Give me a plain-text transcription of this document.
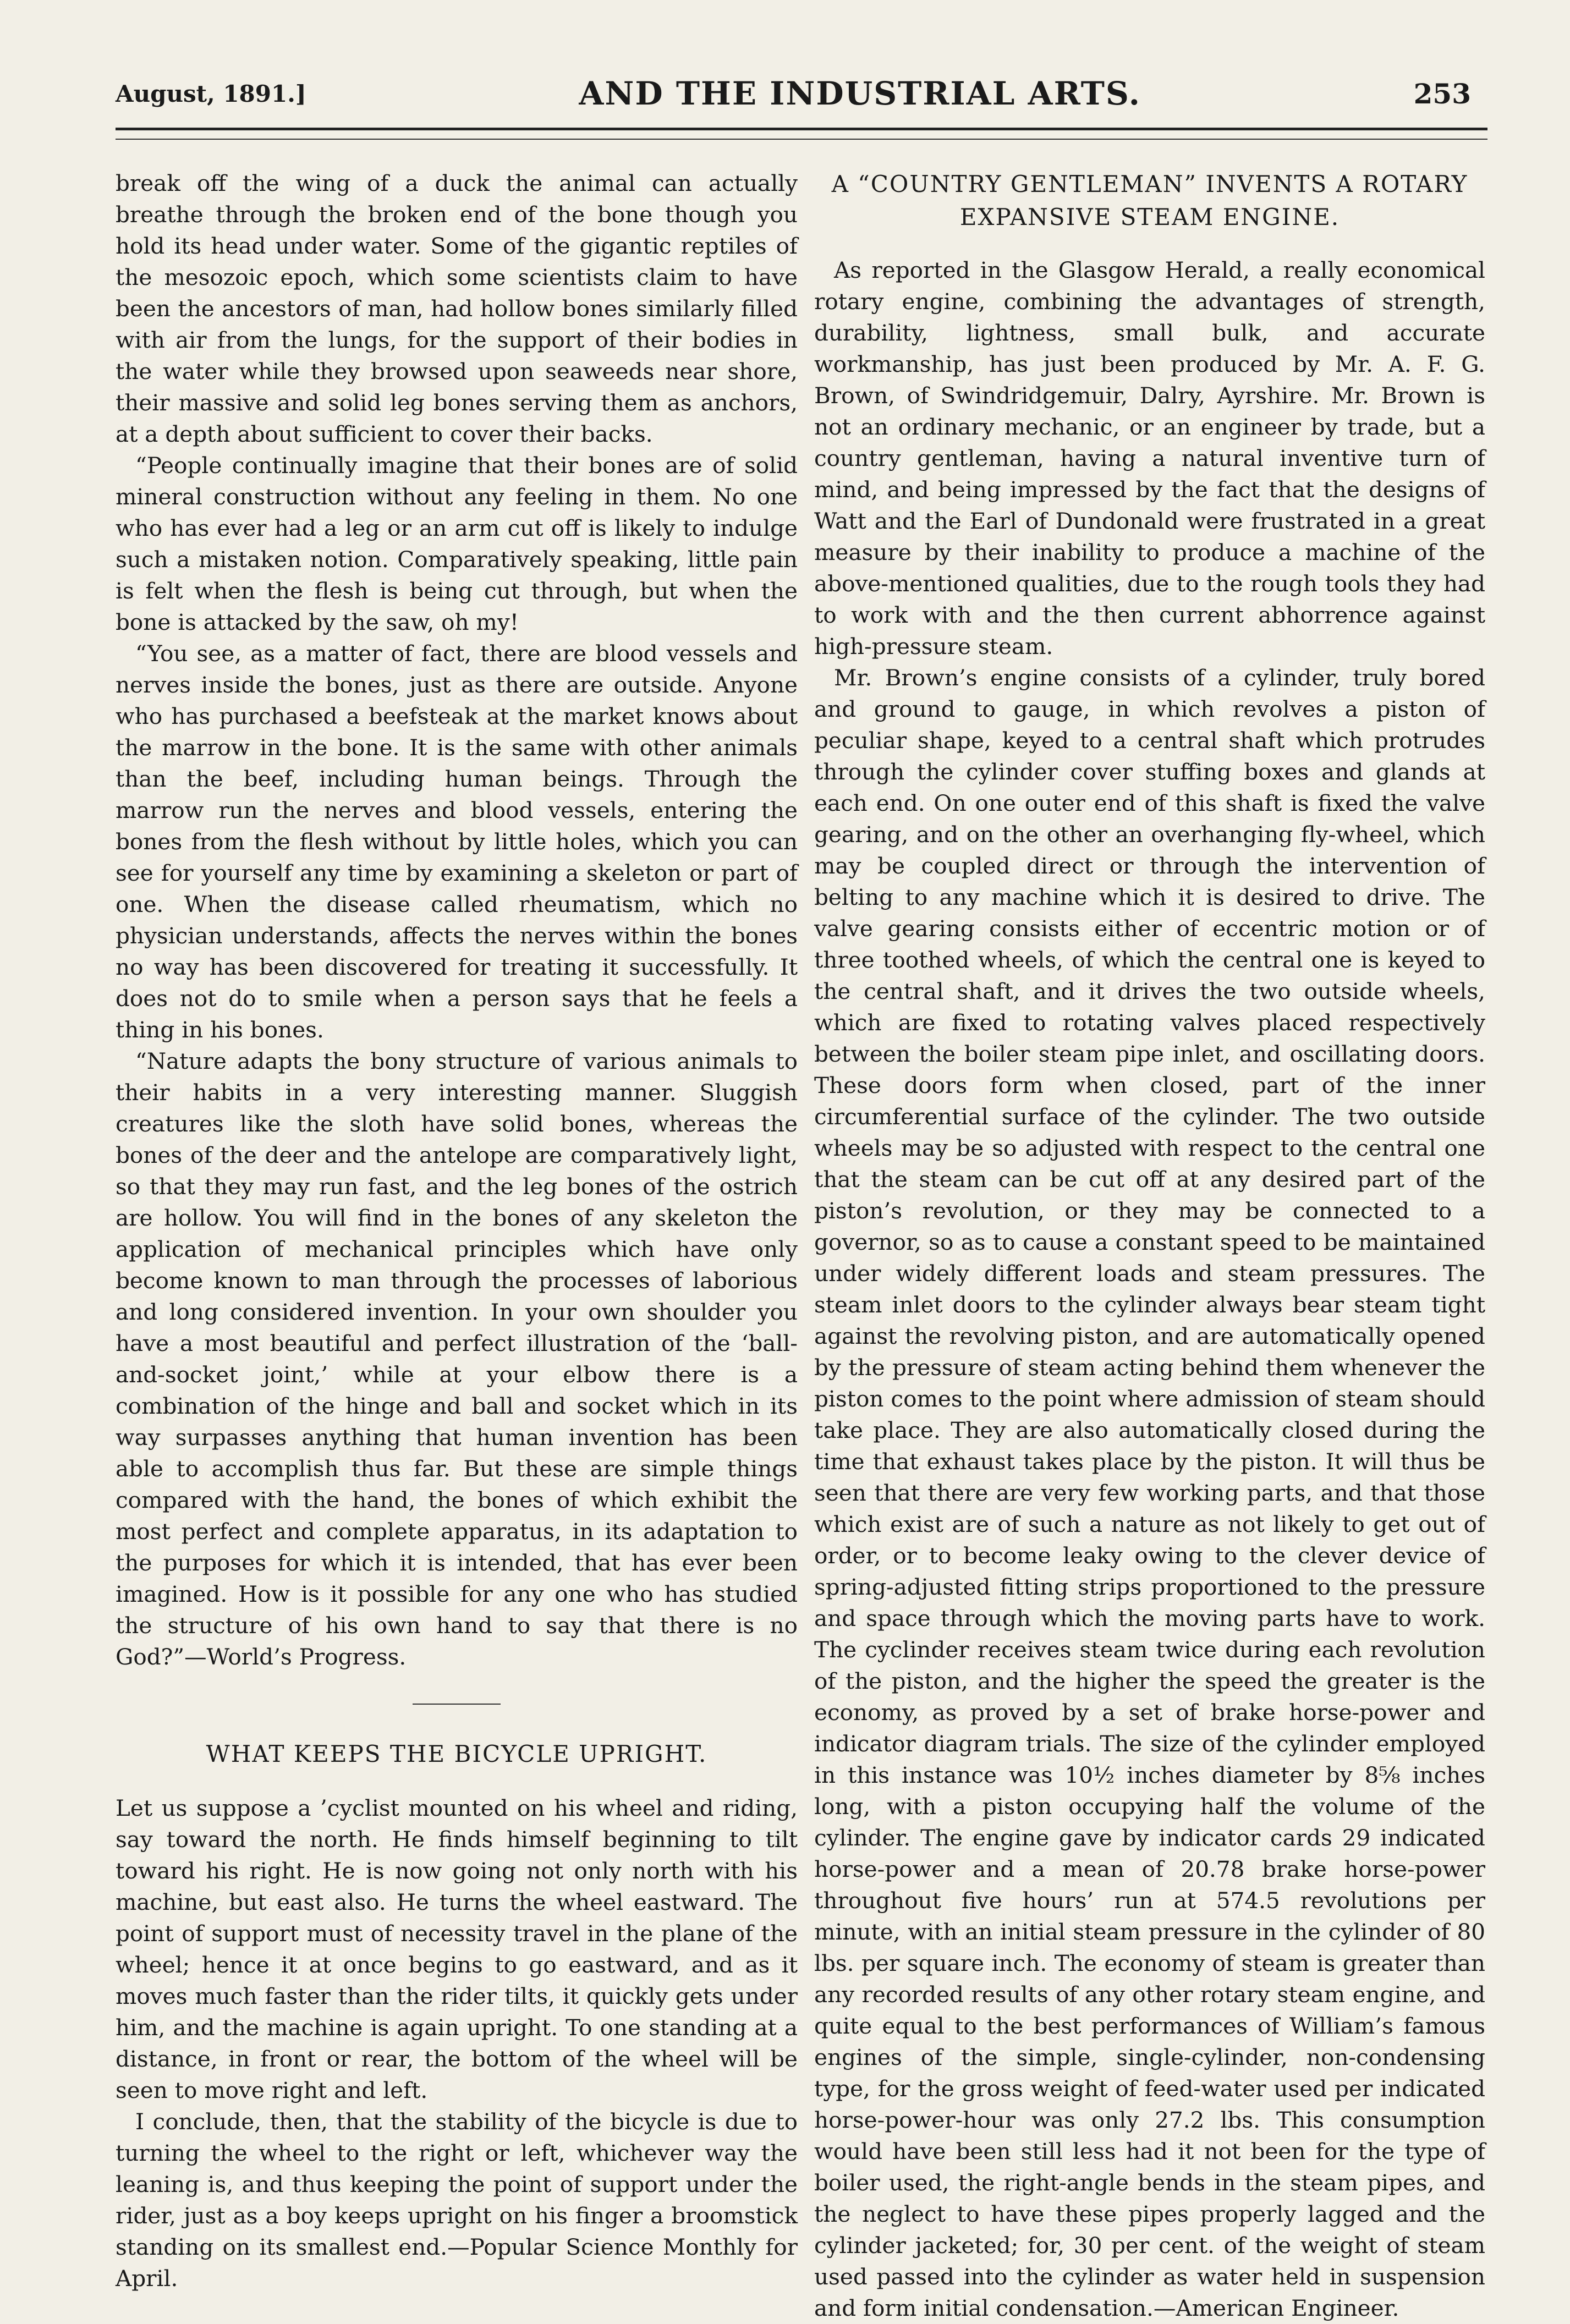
August, 1891.]	AND THE INDUSTRIAL ARTS.	253

break off the wing of a duck the animal can actually breathe through the broken end of the bone though you hold its head under water. Some of the gigantic reptiles of the mesozoic epoch, which some scientists claim to have been the ancestors of man, had hollow bones similarly filled with air from the lungs, for the support of their bodies in the water while they browsed upon seaweeds near shore, their massive and solid leg bones serving them as anchors, at a depth about sufficient to cover their backs.

“People continually imagine that their bones are of solid mineral construction without any feeling in them. No one who has ever had a leg or an arm cut off is likely to indulge such a mistaken notion. Comparatively speaking, little pain is felt when the flesh is being cut through, but when the bone is attacked by the saw, oh my!

“You see, as a matter of fact, there are blood vessels and nerves inside the bones, just as there are outside. Anyone who has purchased a beefsteak at the market knows about the marrow in the bone. It is the same with other animals than the beef, including human beings. Through the marrow run the nerves and blood vessels, entering the bones from the flesh without by little holes, which you can see for yourself any time by examining a skeleton or part of one. When the disease called rheumatism, which no physician understands, affects the nerves within the bones no way has been discovered for treating it successfully. It does not do to smile when a person says that he feels a thing in his bones.

“Nature adapts the bony structure of various animals to their habits in a very interesting manner. Sluggish creatures like the sloth have solid bones, whereas the bones of the deer and the antelope are comparatively light, so that they may run fast, and the leg bones of the ostrich are hollow. You will find in the bones of any skeleton the application of mechanical principles which have only become known to man through the processes of laborious and long considered invention. In your own shoulder you have a most beautiful and perfect illustration of the ‘ball-and-socket joint,’ while at your elbow there is a combination of the hinge and ball and socket which in its way surpasses anything that human invention has been able to accomplish thus far. But these are simple things compared with the hand, the bones of which exhibit the most perfect and complete apparatus, in its adaptation to the purposes for which it is intended, that has ever been imagined. How is it possible for any one who has studied the structure of his own hand to say that there is no God?”—World’s Progress.

WHAT KEEPS THE BICYCLE UPRIGHT.

Let us suppose a ’cyclist mounted on his wheel and riding, say toward the north. He finds himself beginning to tilt toward his right. He is now going not only north with his machine, but east also. He turns the wheel eastward. The point of support must of necessity travel in the plane of the wheel; hence it at once begins to go eastward, and as it moves much faster than the rider tilts, it quickly gets under him, and the machine is again upright. To one standing at a distance, in front or rear, the bottom of the wheel will be seen to move right and left.

I conclude, then, that the stability of the bicycle is due to turning the wheel to the right or left, whichever way the leaning is, and thus keeping the point of support under the rider, just as a boy keeps upright on his finger a broomstick standing on its smallest end.—Popular Science Monthly for April.

A “COUNTRY GENTLEMAN” INVENTS A ROTARY EXPANSIVE STEAM ENGINE.

As reported in the Glasgow Herald, a really economical rotary engine, combining the advantages of strength, durability, lightness, small bulk, and accurate workmanship, has just been produced by Mr. A. F. G. Brown, of Swindridgemuir, Dalry, Ayrshire. Mr. Brown is not an ordinary mechanic, or an engineer by trade, but a country gentleman, having a natural inventive turn of mind, and being impressed by the fact that the designs of Watt and the Earl of Dundonald were frustrated in a great measure by their inability to produce a machine of the above-mentioned qualities, due to the rough tools they had to work with and the then current abhorrence against high-pressure steam.

Mr. Brown’s engine consists of a cylinder, truly bored and ground to gauge, in which revolves a piston of peculiar shape, keyed to a central shaft which protrudes through the cylinder cover stuffing boxes and glands at each end. On one outer end of this shaft is fixed the valve gearing, and on the other an overhanging fly-wheel, which may be coupled direct or through the intervention of belting to any machine which it is desired to drive. The valve gearing consists either of eccentric motion or of three toothed wheels, of which the central one is keyed to the central shaft, and it drives the two outside wheels, which are fixed to rotating valves placed respectively between the boiler steam pipe inlet, and oscillating doors. These doors form when closed, part of the inner circumferential surface of the cylinder. The two outside wheels may be so adjusted with respect to the central one that the steam can be cut off at any desired part of the piston’s revolution, or they may be connected to a governor, so as to cause a constant speed to be maintained under widely different loads and steam pressures. The steam inlet doors to the cylinder always bear steam tight against the revolving piston, and are automatically opened by the pressure of steam acting behind them whenever the piston comes to the point where admission of steam should take place. They are also automatically closed during the time that exhaust takes place by the piston. It will thus be seen that there are very few working parts, and that those which exist are of such a nature as not likely to get out of order, or to become leaky owing to the clever device of spring-adjusted fitting strips proportioned to the pressure and space through which the moving parts have to work. The cyclinder receives steam twice during each revolution of the piston, and the higher the speed the greater is the economy, as proved by a set of brake horse-power and indicator diagram trials. The size of the cylinder employed in this instance was 10½ inches diameter by 8⅝ inches long, with a piston occupying half the volume of the cylinder. The engine gave by indicator cards 29 indicated horse-power and a mean of 20.78 brake horse-power throughout five hours’ run at 574.5 revolutions per minute, with an initial steam pressure in the cylinder of 80 lbs. per square inch. The economy of steam is greater than any recorded results of any other rotary steam engine, and quite equal to the best performances of William’s famous engines of the simple, single-cylinder, non-condensing type, for the gross weight of feed-water used per indicated horse-power-hour was only 27.2 lbs. This consumption would have been still less had it not been for the type of boiler used, the right-angle bends in the steam pipes, and the neglect to have these pipes properly lagged and the cylinder jacketed; for, 30 per cent. of the weight of steam used passed into the cylinder as water held in suspension and form initial condensation.—American Engineer.
